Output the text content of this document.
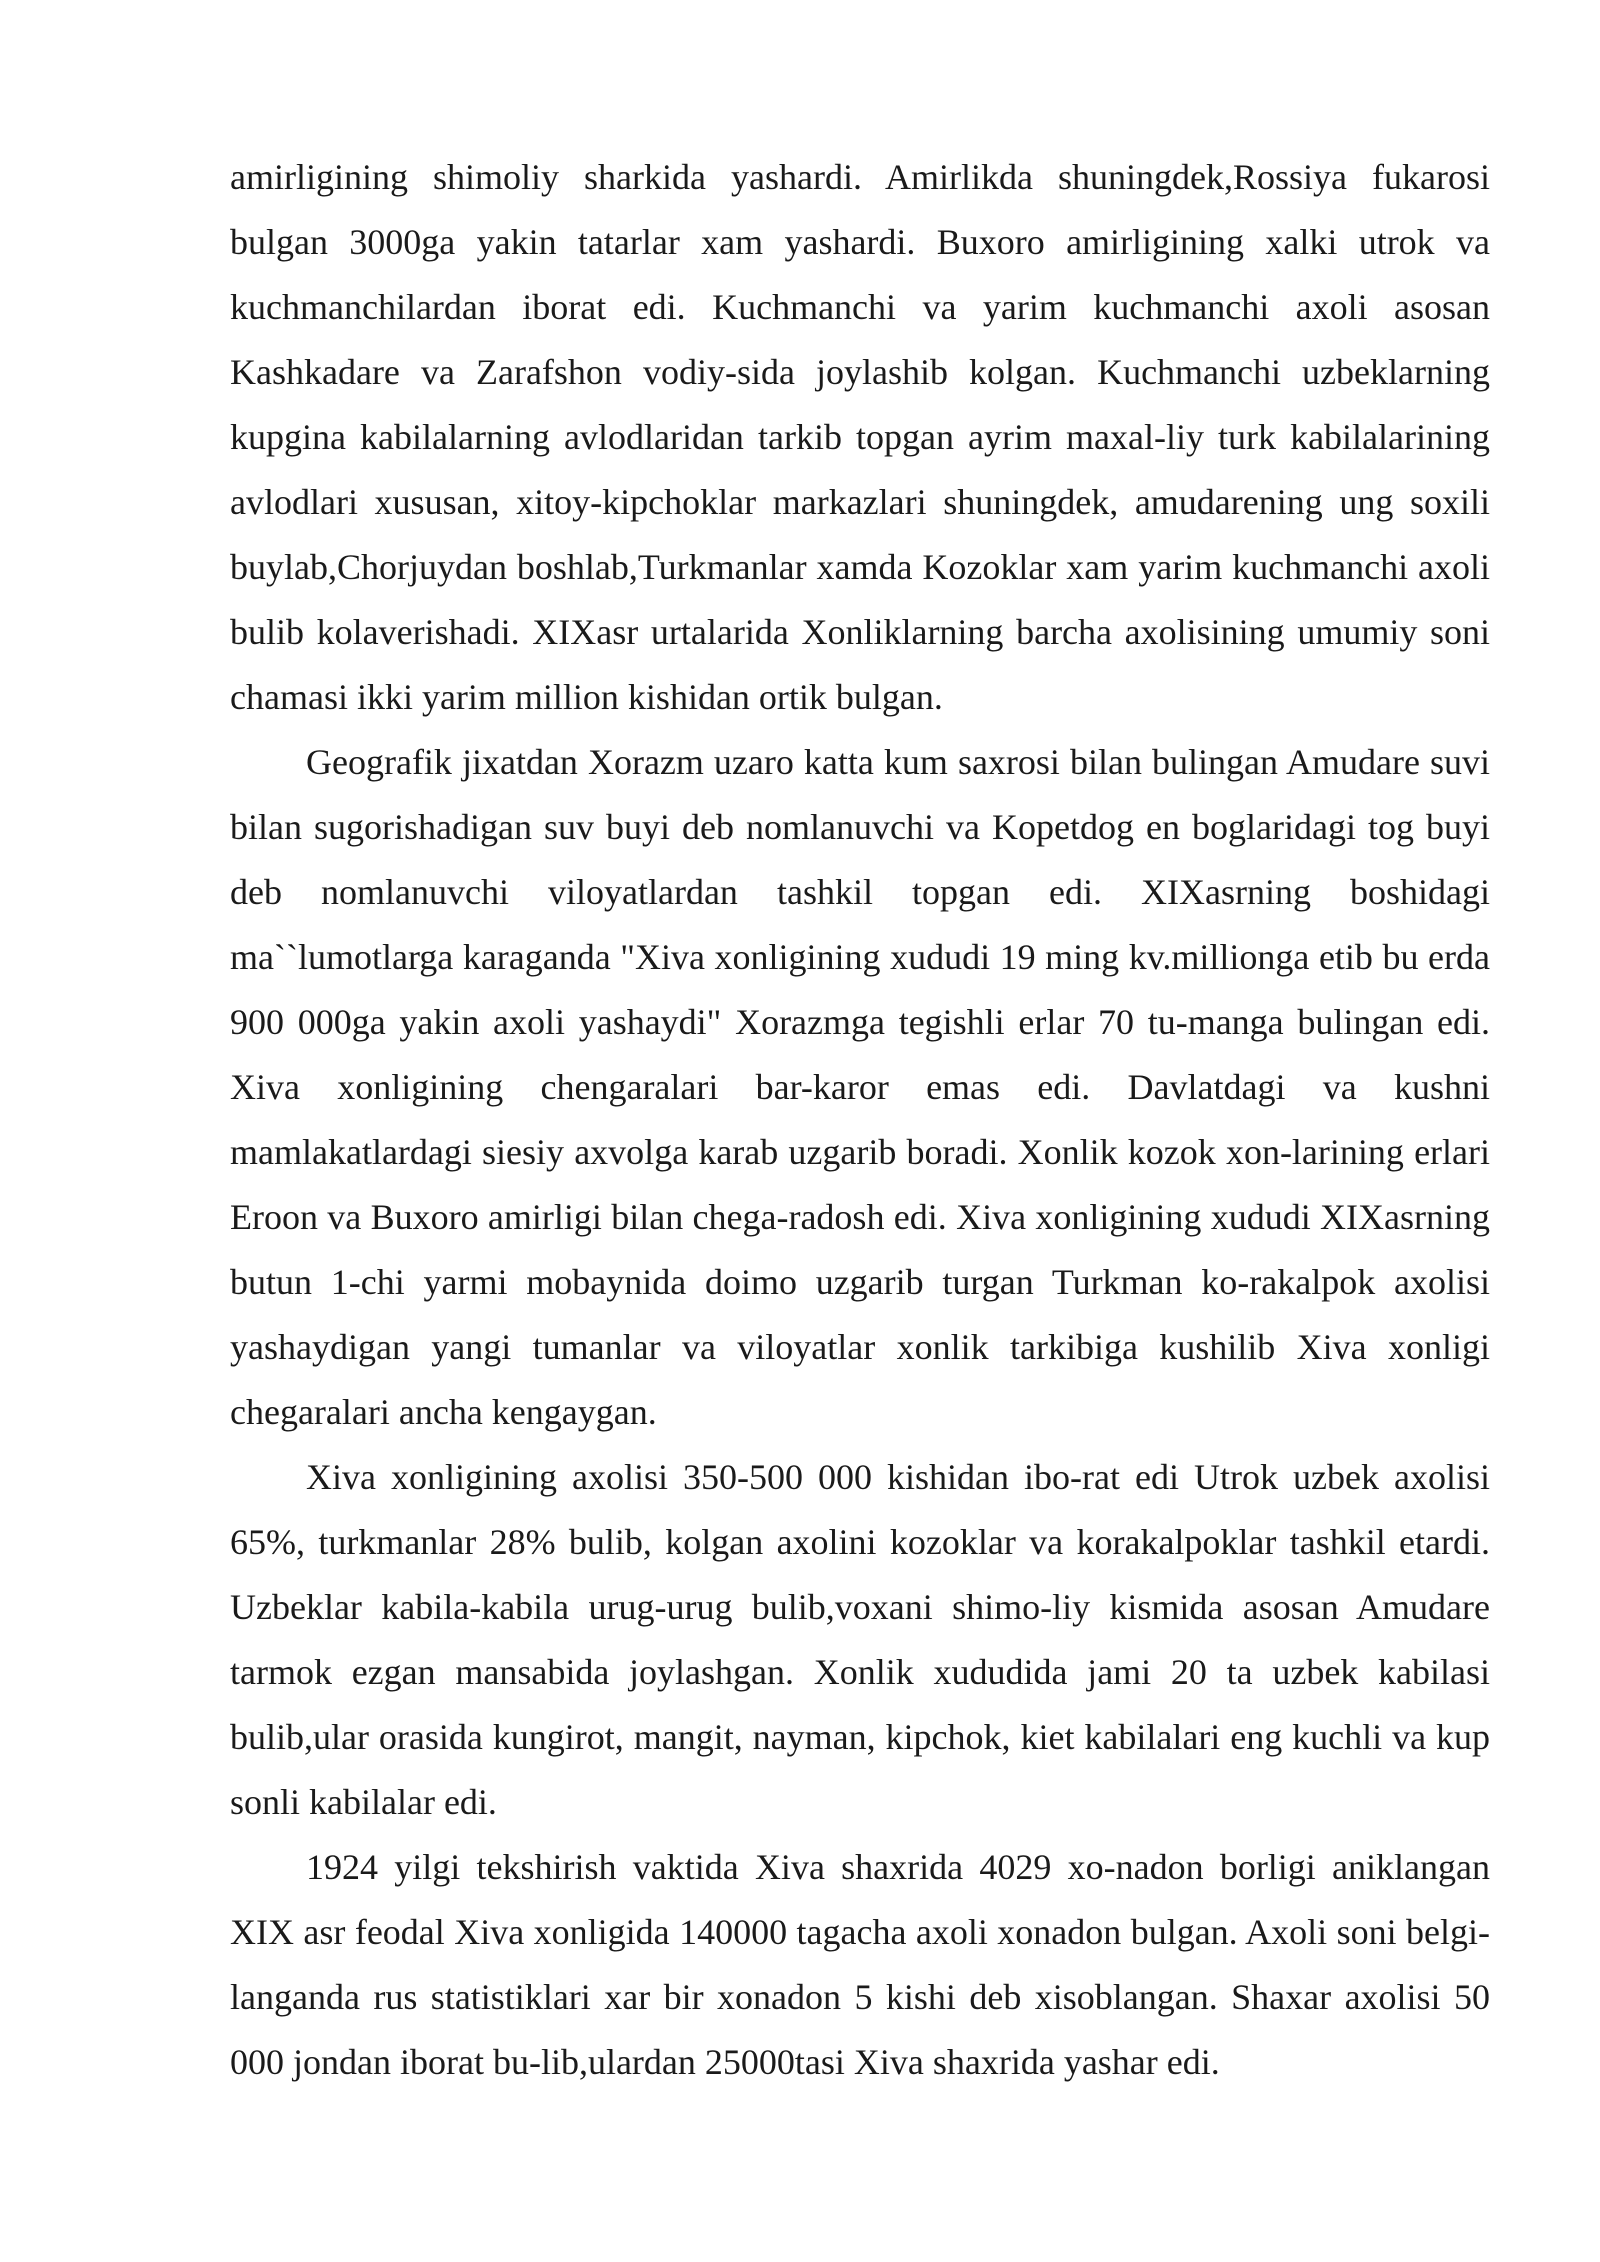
amirligining shimoliy sharkida yashardi. Amirlikda shuningdek,Rossiya fukarosi bulgan 3000ga yakin tatarlar xam yashardi. Buxoro amirligining xalki utrok va kuchmanchilardan iborat edi. Kuchmanchi va yarim kuchmanchi axoli asosan Kashkadare va Zarafshon vodiy-sida joylashib kolgan. Kuchmanchi uzbeklarning kupgina kabilalarning avlodlaridan tarkib topgan ayrim maxal-liy turk kabilalarining avlodlari xususan, xitoy-kipchoklar markazlari shuningdek, amudarening ung soxili buylab,Chorjuydan boshlab,Turkmanlar xamda Kozoklar xam yarim kuchmanchi axoli bulib kolaverishadi. XIXasr urtalarida Xonliklarning barcha axolisining umumiy soni chamasi ikki yarim million kishidan ortik bulgan.

Geografik jixatdan Xorazm uzaro katta kum saxrosi bilan bulingan Amudare suvi bilan sugorishadigan suv buyi deb nomlanuvchi va Kopetdog en boglaridagi tog buyi deb nomlanuvchi viloyatlardan tashkil topgan edi. XIXasrning boshidagi ma``lumotlarga karaganda "Xiva xonligining xududi 19 ming kv.millionga etib bu erda 900 000ga yakin axoli yashaydi" Xorazmga tegishli erlar 70 tu-manga bulingan edi. Xiva xonligining chengaralari bar-karor emas edi. Davlatdagi va kushni mamlakatlardagi siesiy axvolga karab uzgarib boradi. Xonlik kozok xon-larining erlari Eroon va Buxoro amirligi bilan chega-radosh edi. Xiva xonligining xududi XIXasrning butun 1-chi yarmi mobaynida doimo uzgarib turgan Turkman ko-rakalpok axolisi yashaydigan yangi tumanlar va viloyatlar xonlik tarkibiga kushilib Xiva xonligi chegaralari ancha kengaygan.

Xiva xonligining axolisi 350-500 000 kishidan ibo-rat edi Utrok uzbek axolisi 65%, turkmanlar 28% bulib, kolgan axolini kozoklar va korakalpoklar tashkil etardi. Uzbeklar kabila-kabila urug-urug bulib,voxani shimo-liy kismida asosan Amudare tarmok ezgan mansabida joylashgan. Xonlik xududida jami 20 ta uzbek kabilasi bulib,ular orasida kungirot, mangit, nayman, kipchok, kiet kabilalari eng kuchli va kup sonli kabilalar edi.

1924 yilgi tekshirish vaktida Xiva shaxrida 4029 xo-nadon borligi aniklangan XIX asr feodal Xiva xonligida 140000 tagacha axoli xonadon bulgan. Axoli soni belgi-langanda rus statistiklari xar bir xonadon 5 kishi deb xisoblangan. Shaxar axolisi 50 000 jondan iborat bu-lib,ulardan 25000tasi Xiva shaxrida yashar edi.
